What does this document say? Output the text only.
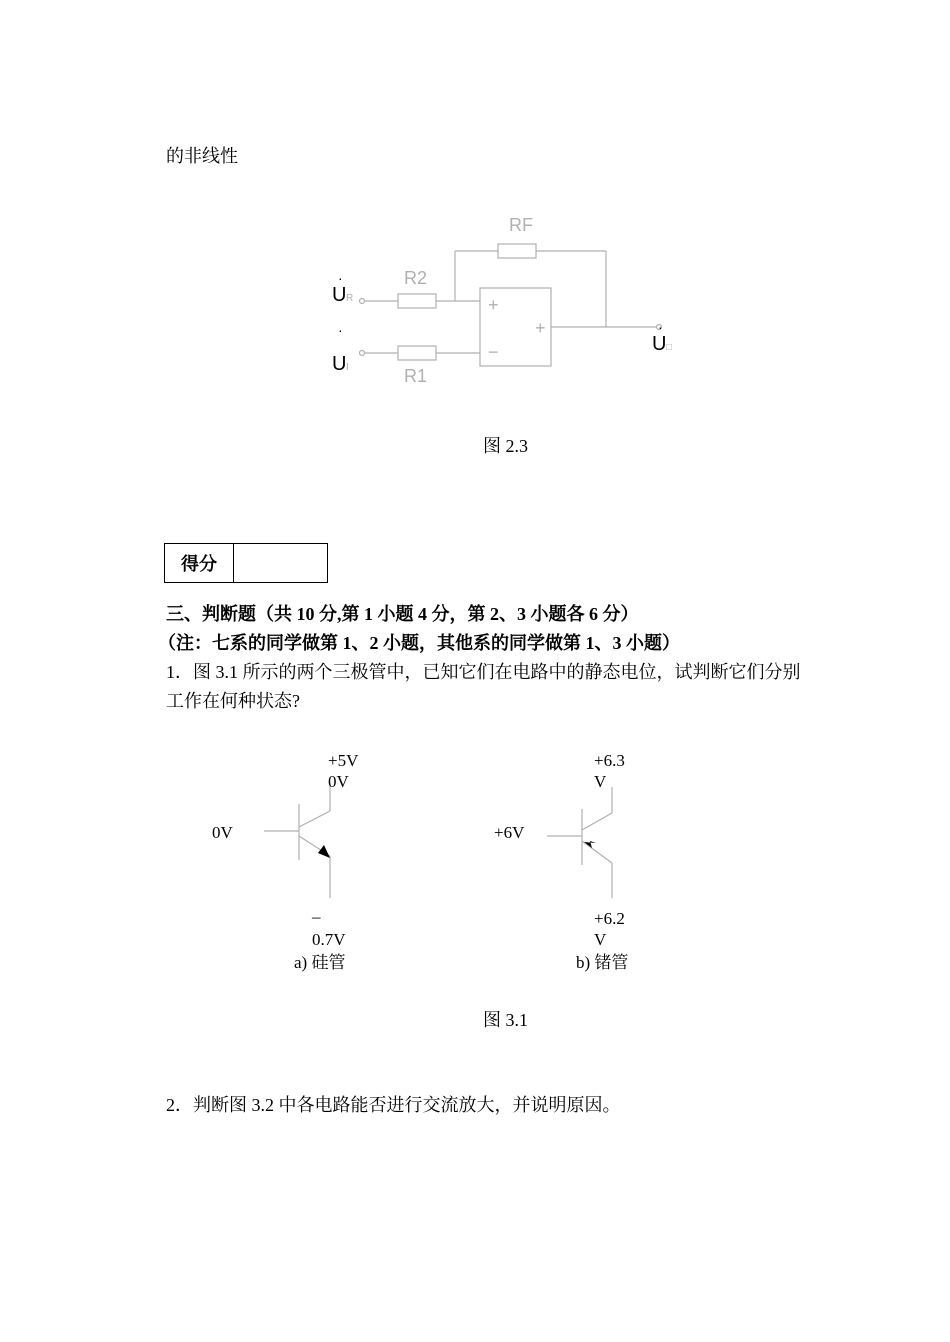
的非线性
RF
R2
R1
+
−
+
·
U
·
U
·
U
R
I
□
图 2.3
得分
三、判断题（共 10 分,第 1 小题 4 分，第 2、3 小题各 6 分）
（注：七系的同学做第 1、2 小题，其他系的同学做第 1、3 小题）
1．图 3.1 所示的两个三极管中，已知它们在电路中的静态电位，试判断它们分别
工作在何种状态?
+5V
0V
0V
–
0.7V
a) 硅管
+6.3
V
+6V
+6.2
V
b) 锗管
图 3.1
2．判断图 3.2 中各电路能否进行交流放大，并说明原因。
